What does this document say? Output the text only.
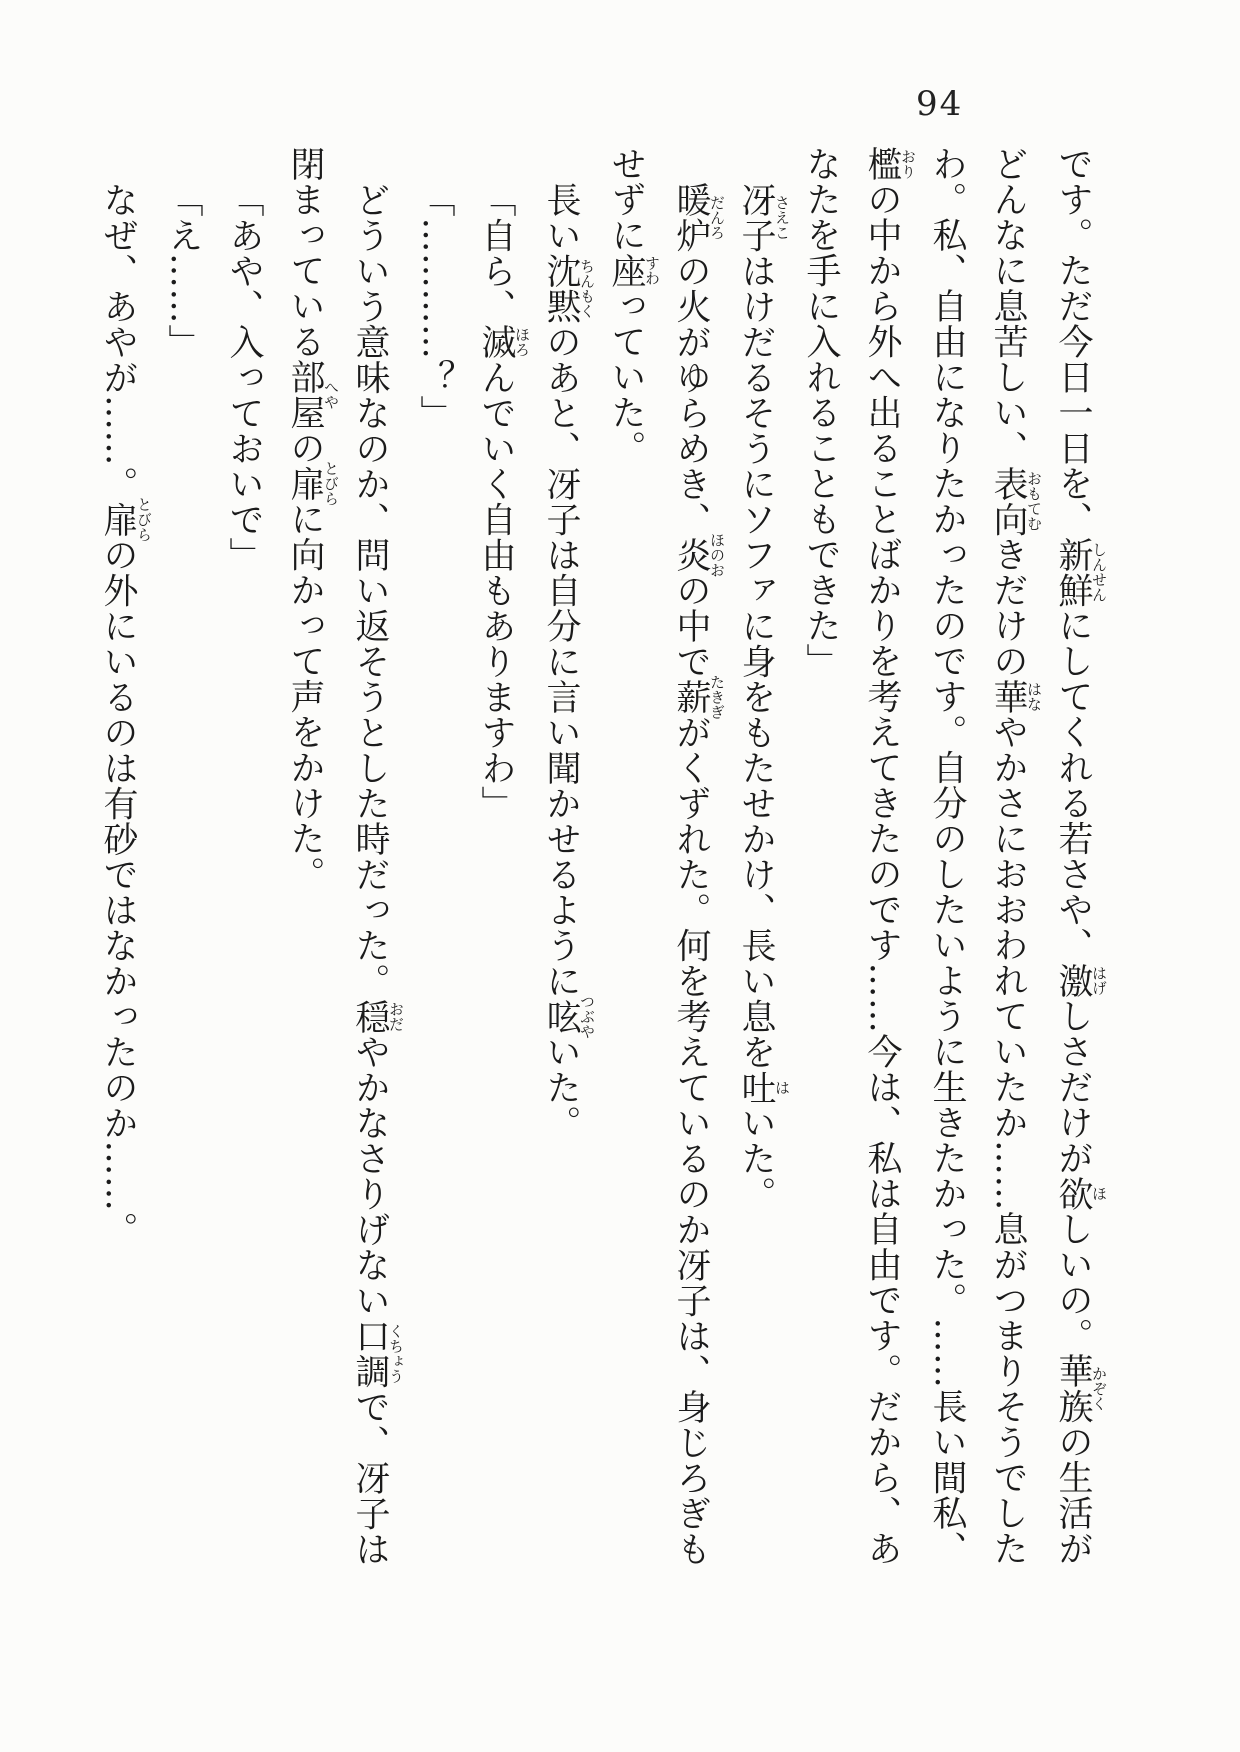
94

です。ただ今日一日を、新鮮しんせんにしてくれる若さや、激はげしさだけが欲ほしいの。華族かぞくの生活が

どんなに息苦しい、表向おもてむきだけの華はなやかさにおおわれていたか……息がつまりそうでした

わ。私、自由になりたかったのです。自分のしたいように生きたかった。……長い間私、

檻おりの中から外へ出ることばかりを考えてきたのです……今は、私は自由です。だから、あ

なたを手に入れることもできた」

冴子さえこはけだるそうにソファに身をもたせかけ、長い息を吐はいた。

暖炉だんろの火がゆらめき、炎ほのおの中で薪たきぎがくずれた。何を考えているのか冴子は、身じろぎも

せずに座すわっていた。

長い沈黙ちんもくのあと、冴子は自分に言い聞かせるように呟つぶやいた。

「自ら、滅ほろんでいく自由もありますわ」

「…………？」

どういう意味なのか、問い返そうとした時だった。穏おだやかなさりげない口調くちょうで、冴子は

閉まっている部屋へやの扉とびらに向かって声をかけた。

「あや、入っておいで」

「え……」

なぜ、あやが……。扉とびらの外にいるのは有砂ではなかったのか……。
